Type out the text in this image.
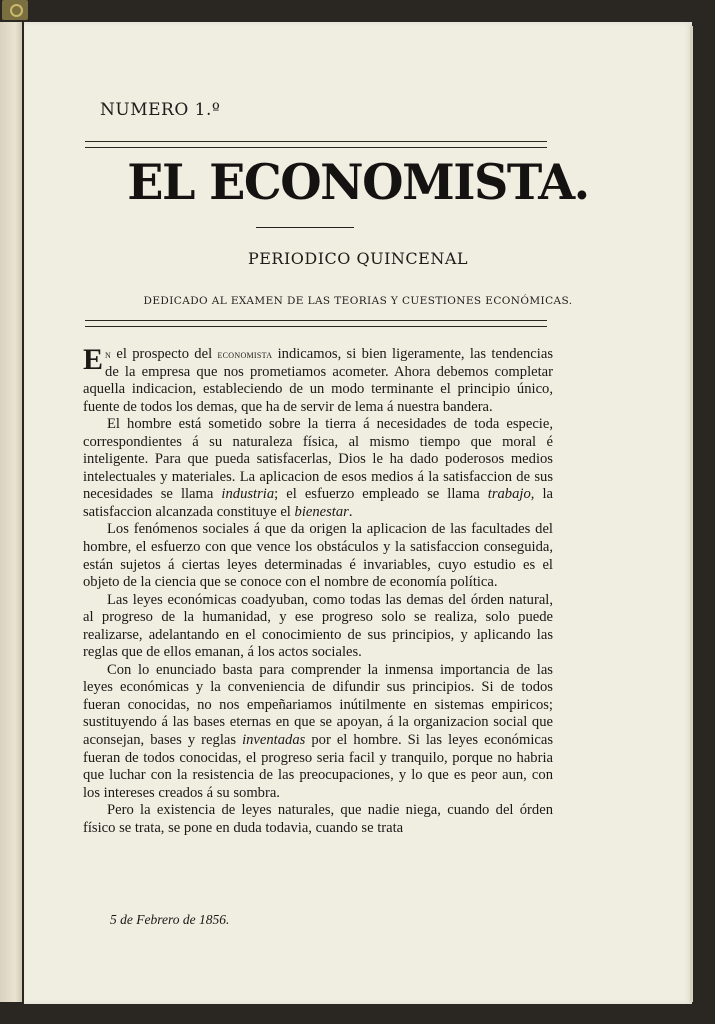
NUMERO 1.º
EL ECONOMISTA.
PERIODICO QUINCENAL
DEDICADO AL EXAMEN DE LAS TEORIAS Y CUESTIONES ECONÓMICAS.

En el prospecto del economista indicamos, si bien ligeramente, las tendencias de la empresa que nos prometiamos acometer. Ahora debemos completar aquella indicacion, estableciendo de un modo terminante el principio único, fuente de todos los demas, que ha de servir de lema á nuestra bandera.

El hombre está sometido sobre la tierra á necesidades de toda especie, correspondientes á su naturaleza física, al mismo tiempo que moral é inteligente. Para que pueda satisfacerlas, Dios le ha dado poderosos medios intelectuales y materiales. La aplicacion de esos medios á la satisfaccion de sus necesidades se llama industria; el esfuerzo empleado se llama trabajo, la satisfaccion alcanzada constituye el bienestar.

Los fenómenos sociales á que da origen la aplicacion de las facultades del hombre, el esfuerzo con que vence los obstáculos y la satisfaccion conseguida, están sujetos á ciertas leyes determinadas é invariables, cuyo estudio es el objeto de la ciencia que se conoce con el nombre de economía política.

Las leyes económicas coadyuban, como todas las demas del órden natural, al progreso de la humanidad, y ese progreso solo se realiza, solo puede realizarse, adelantando en el conocimiento de sus principios, y aplicando las reglas que de ellos emanan, á los actos sociales.

Con lo enunciado basta para comprender la inmensa importancia de las leyes económicas y la conveniencia de difundir sus principios. Si de todos fueran conocidas, no nos empeñariamos inútilmente en sistemas empiricos; sustituyendo á las bases eternas en que se apoyan, á la organizacion social que aconsejan, bases y reglas inventadas por el hombre. Si las leyes económicas fueran de todos conocidas, el progreso seria facil y tranquilo, porque no habria que luchar con la resistencia de las preocupaciones, y lo que es peor aun, con los intereses creados á su sombra.

Pero la existencia de leyes naturales, que nadie niega, cuando del órden físico se trata, se pone en duda todavia, cuando se trata

5 de Febrero de 1856.
